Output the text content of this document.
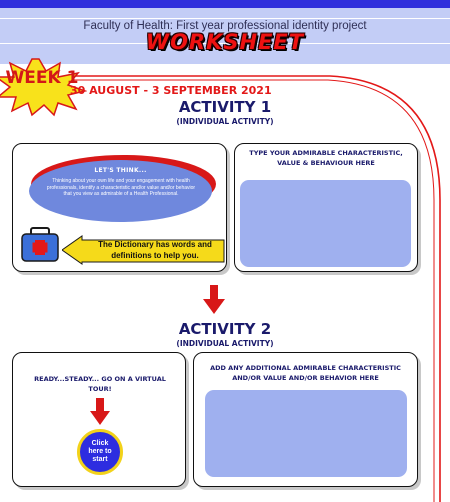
Faculty of Health: First year professional identity project
WORKSHEET
WEEK 1
30 AUGUST - 3 SEPTEMBER 2021
ACTIVITY 1
(INDIVIDUAL ACTIVITY)
LET'S THINK...
Thinking about your own life and your engagement with health professionals, identify a characteristic and/or value and/or behavior that you view as admirable of a Health Professional.
The Dictionary has words and definitions to help you.
TYPE YOUR ADMIRABLE CHARACTERISTIC, VALUE & BEHAVIOUR HERE
ACTIVITY 2
(INDIVIDUAL ACTIVITY)
READY...STEADY... GO ON A VIRTUAL TOUR!
Click here to start
ADD ANY ADDITIONAL ADMIRABLE CHARACTERISTIC AND/OR VALUE AND/OR BEHAVIOR HERE
